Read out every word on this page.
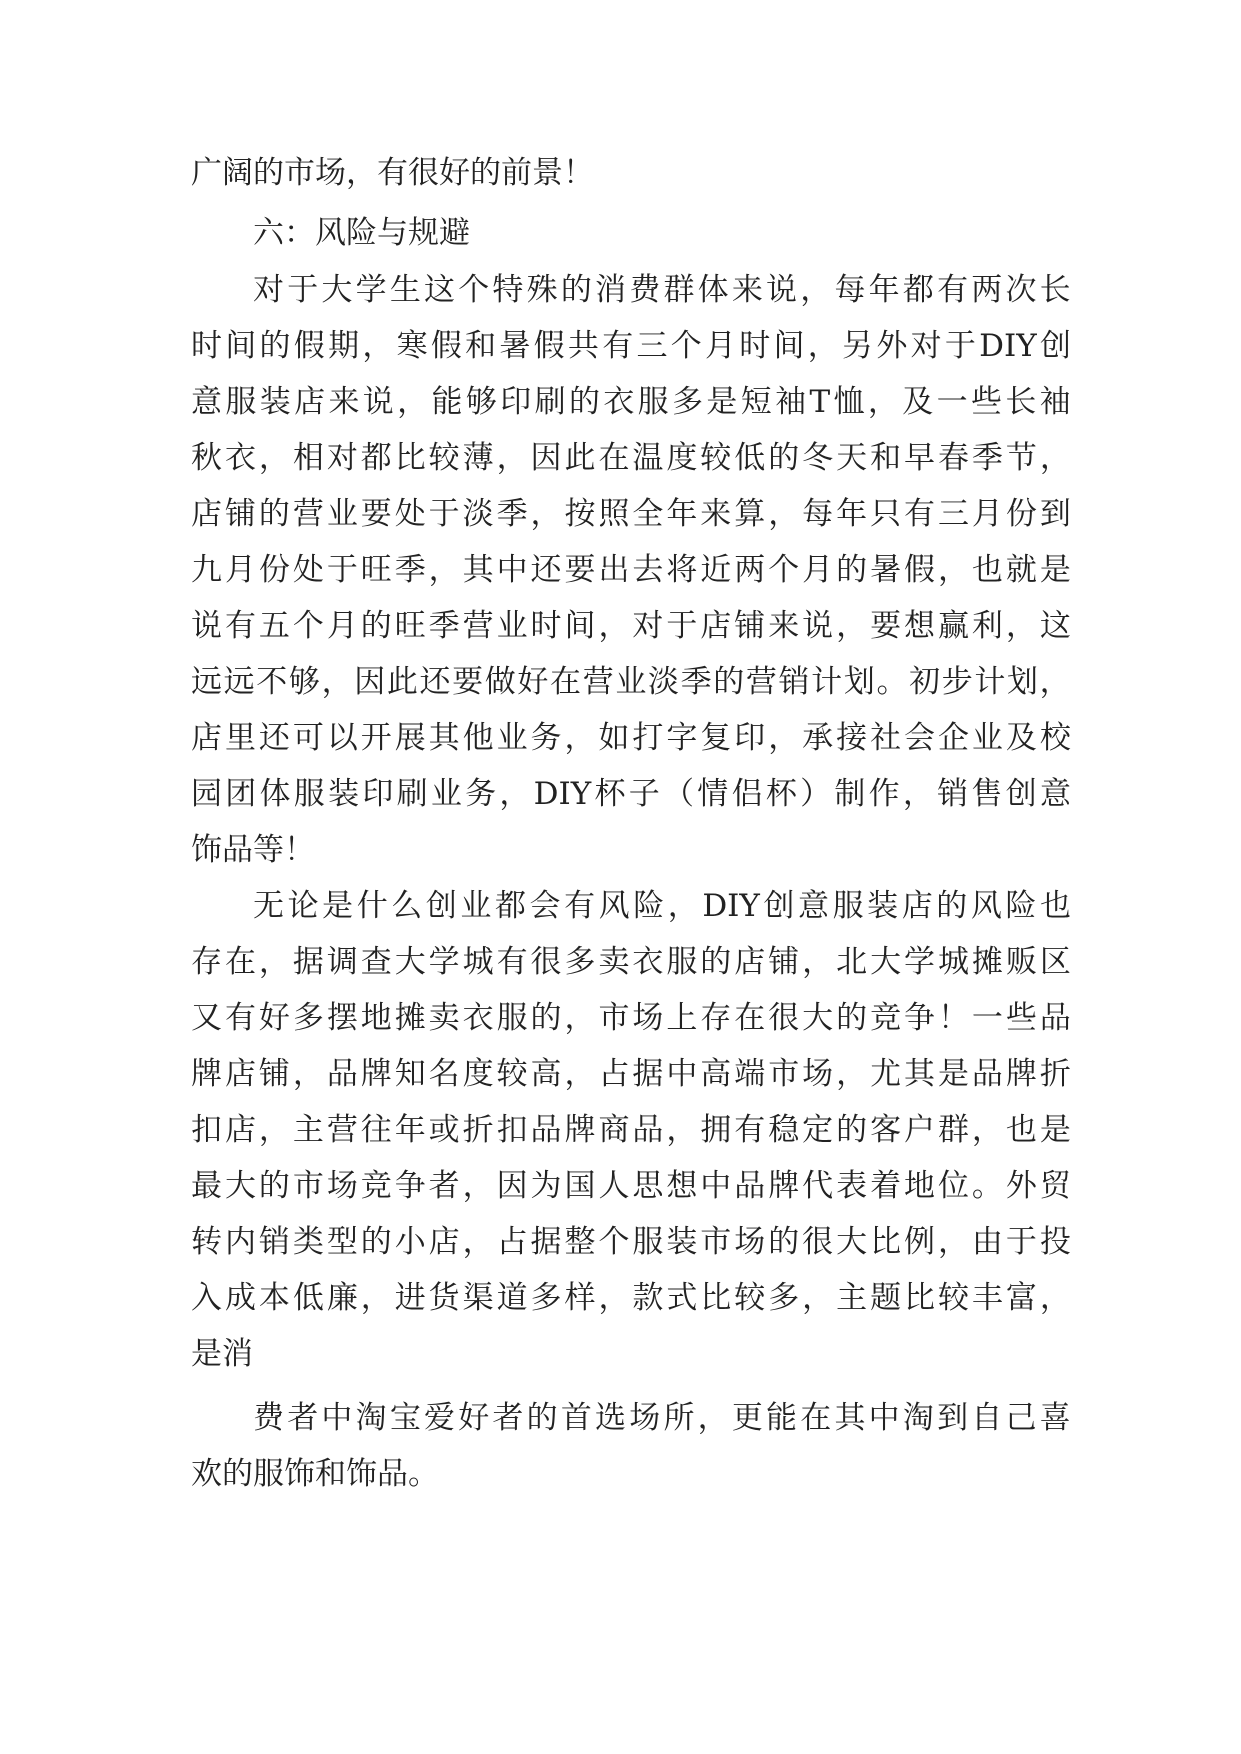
广阔的市场，有很好的前景！
六：风险与规避
对 于 大 学 生 这 个 特 殊 的 消 费 群 体 来 说 ， 每 年 都 有 两 次 长
时 间 的 假 期 ， 寒 假 和 暑 假 共 有 三 个 月 时 间 ， 另 外 对 于 DIY 创
意 服 装 店 来 说 ， 能 够 印 刷 的 衣 服 多 是 短 袖 T 恤 ， 及 一 些 长 袖
秋 衣 ， 相 对 都 比 较 薄 ， 因 此 在 温 度 较 低 的 冬 天 和 早 春 季 节 ，
店 铺 的 营 业 要 处 于 淡 季 ， 按 照 全 年 来 算 ， 每 年 只 有 三 月 份 到
九 月 份 处 于 旺 季 ， 其 中 还 要 出 去 将 近 两 个 月 的 暑 假 ， 也 就 是
说 有 五 个 月 的 旺 季 营 业 时 间 ， 对 于 店 铺 来 说 ， 要 想 赢 利 ， 这
远 远 不 够 ， 因 此 还 要 做 好 在 营 业 淡 季 的 营 销 计 划 。 初 步 计 划 ，
店 里 还 可 以 开 展 其 他 业 务 ， 如 打 字 复 印 ， 承 接 社 会 企 业 及 校
园 团 体 服 装 印 刷 业 务 ， DIY 杯 子 （ 情 侣 杯 ） 制 作 ， 销 售 创 意
饰品等！
无 论 是 什 么 创 业 都 会 有 风 险 ， DIY 创 意 服 装 店 的 风 险 也
存 在 ， 据 调 查 大 学 城 有 很 多 卖 衣 服 的 店 铺 ， 北 大 学 城 摊 贩 区
又 有 好 多 摆 地 摊 卖 衣 服 的 ， 市 场 上 存 在 很 大 的 竞 争 ！ 一 些 品
牌 店 铺 ， 品 牌 知 名 度 较 高 ， 占 据 中 高 端 市 场 ， 尤 其 是 品 牌 折
扣 店 ， 主 营 往 年 或 折 扣 品 牌 商 品 ， 拥 有 稳 定 的 客 户 群 ， 也 是
最 大 的 市 场 竞 争 者 ， 因 为 国 人 思 想 中 品 牌 代 表 着 地 位 。 外 贸
转 内 销 类 型 的 小 店 ， 占 据 整 个 服 装 市 场 的 很 大 比 例 ， 由 于 投
入 成 本 低 廉 ， 进 货 渠 道 多 样 ， 款 式 比 较 多 ， 主 题 比 较 丰 富 ，
是消
费 者 中 淘 宝 爱 好 者 的 首 选 场 所 ， 更 能 在 其 中 淘 到 自 己 喜
欢的服饰和饰品。
